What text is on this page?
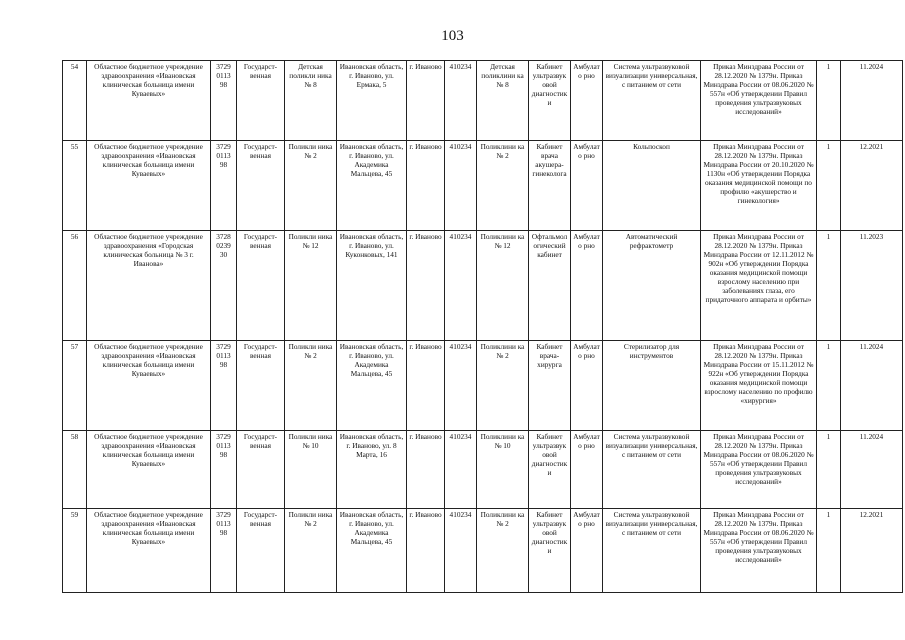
103
54	Областное бюджетное учреждение здравоохранения «Ивановская клиническая больница имени Куваевых»	3729 0113 98	Государст-венная	Детская поликли ника № 8	Ивановская область, г. Иваново, ул. Ермака, 5	г. Иваново	410234	Детская поликлини ка № 8	Кабинет ультразвук овой диагностик и	Амбулато рно	Система ультразвуковой визуализации универсальная, с питанием от сети	Приказ Минздрава России от 28.12.2020 № 1379н. Приказ Минздрава России от 08.06.2020 № 557н «Об утверждении Правил проведения ультразвуковых исследований»	1	11.2024
55	Областное бюджетное учреждение здравоохранения «Ивановская клиническая больница имени Куваевых»	3729 0113 98	Государст-венная	Поликли ника № 2	Ивановская область, г. Иваново, ул. Академика Мальцева, 45	г. Иваново	410234	Поликлини ка № 2	Кабинет врача акушера-гинеколога	Амбулато рно	Кольпоскоп	Приказ Минздрава России от 28.12.2020 № 1379н. Приказ Минздрава России от 20.10.2020 № 1130н «Об утверждении Порядка оказания медицинской помощи по профилю «акушерство и гинекология»	1	12.2021
56	Областное бюджетное учреждение здравоохранения «Городская клиническая больница № 3 г. Иванова»	3728 0239 30	Государст-венная	Поликли ника № 12	Ивановская область, г. Иваново, ул. Куконковых, 141	г. Иваново	410234	Поликлини ка № 12	Офтальмол огический кабинет	Амбулато рно	Автоматический рефрактометр	Приказ Минздрава России от 28.12.2020 № 1379н. Приказ Минздрава России от 12.11.2012 № 902н «Об утверждении Порядка оказания медицинской помощи взрослому населению при заболеваниях глаза, его придаточного аппарата и орбиты»	1	11.2023
57	Областное бюджетное учреждение здравоохранения «Ивановская клиническая больница имени Куваевых»	3729 0113 98	Государст-венная	Поликли ника № 2	Ивановская область, г. Иваново, ул. Академика Мальцева, 45	г. Иваново	410234	Поликлини ка № 2	Кабинет врача-хирурга	Амбулато рно	Стерилизатор для инструментов	Приказ Минздрава России от 28.12.2020 № 1379н. Приказ Минздрава России от 15.11.2012 № 922н «Об утверждении Порядка оказания медицинской помощи взрослому населению по профилю «хирургия»	1	11.2024
58	Областное бюджетное учреждение здравоохранения «Ивановская клиническая больница имени Куваевых»	3729 0113 98	Государст-венная	Поликли ника № 10	Ивановская область, г. Иваново, ул. 8 Марта, 16	г. Иваново	410234	Поликлини ка № 10	Кабинет ультразвук овой диагностик и	Амбулато рно	Система ультразвуковой визуализации универсальная, с питанием от сети	Приказ Минздрава России от 28.12.2020 № 1379н. Приказ Минздрава России от 08.06.2020 № 557н «Об утверждении Правил проведения ультразвуковых исследований»	1	11.2024
59	Областное бюджетное учреждение здравоохранения «Ивановская клиническая больница имени Куваевых»	3729 0113 98	Государст-венная	Поликли ника № 2	Ивановская область, г. Иваново, ул. Академика Мальцева, 45	г. Иваново	410234	Поликлини ка № 2	Кабинет ультразвук овой диагностик и	Амбулато рно	Система ультразвуковой визуализации универсальная, с питанием от сети	Приказ Минздрава России от 28.12.2020 № 1379н. Приказ Минздрава России от 08.06.2020 № 557н «Об утверждении Правил проведения ультразвуковых исследований»	1	12.2021
